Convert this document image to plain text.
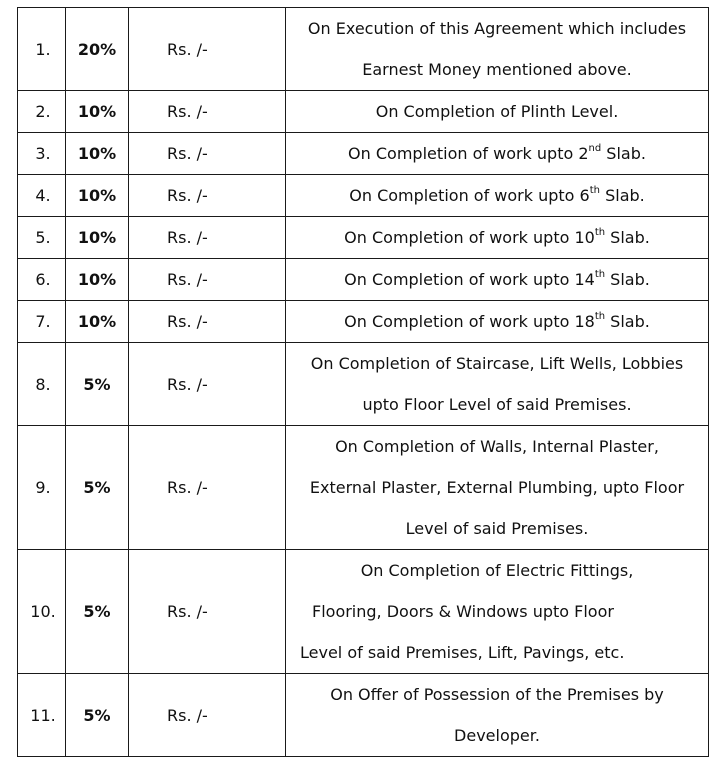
1.	20%	Rs. /-	On Execution of this Agreement which includes
Earnest Money mentioned above.

2.	10%	Rs. /-	On Completion of Plinth Level.

3.	10%	Rs. /-	On Completion of work upto 2nd Slab.

4.	10%	Rs. /-	On Completion of work upto 6th Slab.

5.	10%	Rs. /-	On Completion of work upto 10th Slab.

6.	10%	Rs. /-	On Completion of work upto 14th Slab.

7.	10%	Rs. /-	On Completion of work upto 18th Slab.

8.	5%	Rs. /-	On Completion of Staircase, Lift Wells, Lobbies
upto Floor Level of said Premises.

9.	5%	Rs. /-	On Completion of Walls, Internal Plaster,
External Plaster, External Plumbing, upto Floor
Level of said Premises.

10.	5%	Rs. /-	On Completion of Electric Fittings,
Flooring, Doors & Windows upto Floor
Level of said Premises, Lift, Pavings, etc.

11.	5%	Rs. /-	On Offer of Possession of the Premises by
Developer.
